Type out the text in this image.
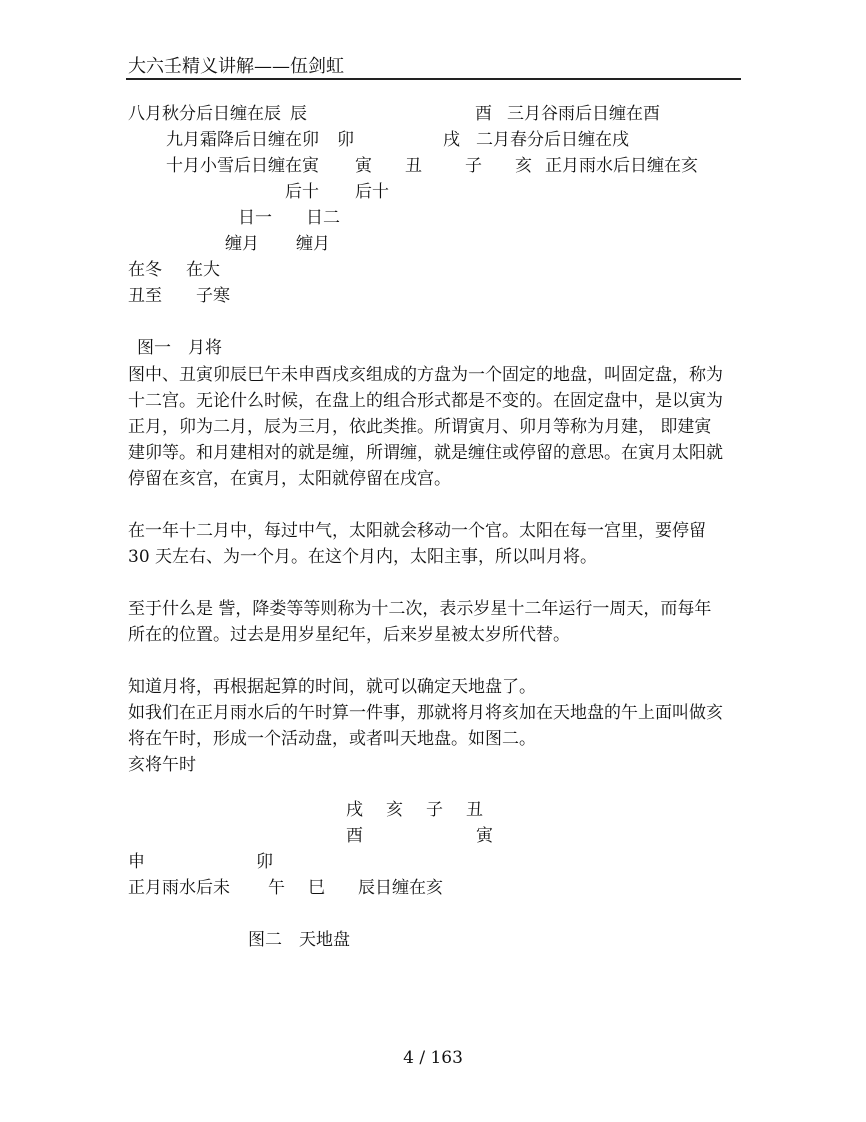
大六壬精义讲解——伍剑虹
八月秋分后日缠在辰 辰	酉 三月谷雨后日缠在酉
九月霜降后日缠在卯 卯	戌 二月春分后日缠在戌
十月小雪后日缠在寅 寅 丑	子 亥 正月雨水后日缠在亥
后十 后十
日一 日二
缠月 缠月
在冬 在大
丑至 子寒
图一　月将
图中、丑寅卯辰巳午未申酉戌亥组成的方盘为一个固定的地盘，叫固定盘，称为十二宫。无论什么时候，在盘上的组合形式都是不变的。在固定盘中，是以寅为正月，卯为二月，辰为三月，依此类推。所谓寅月、卯月等称为月建， 即建寅建卯等。和月建相对的就是缠，所谓缠，就是缠住或停留的意思。在寅月太阳就停留在亥宫，在寅月，太阳就停留在戌宫。
在一年十二月中，每过中气，太阳就会移动一个官。太阳在每一宫里，要停留 30 天左右、为一个月。在这个月内，太阳主事，所以叫月将。
至于什么是 訾，降娄等等则称为十二次，表示岁星十二年运行一周天，而每年所在的位置。过去是用岁星纪年，后来岁星被太岁所代替。
知道月将，再根据起算的时间，就可以确定天地盘了。
如我们在正月雨水后的午时算一件事，那就将月将亥加在天地盘的午上面叫做亥将在午时，形成一个活动盘，或者叫天地盘。如图二。
亥将午时
戌 亥 子 丑
酉	寅
申	卯
正月雨水后未 午 巳 辰日缠在亥
图二　天地盘
4 / 163
